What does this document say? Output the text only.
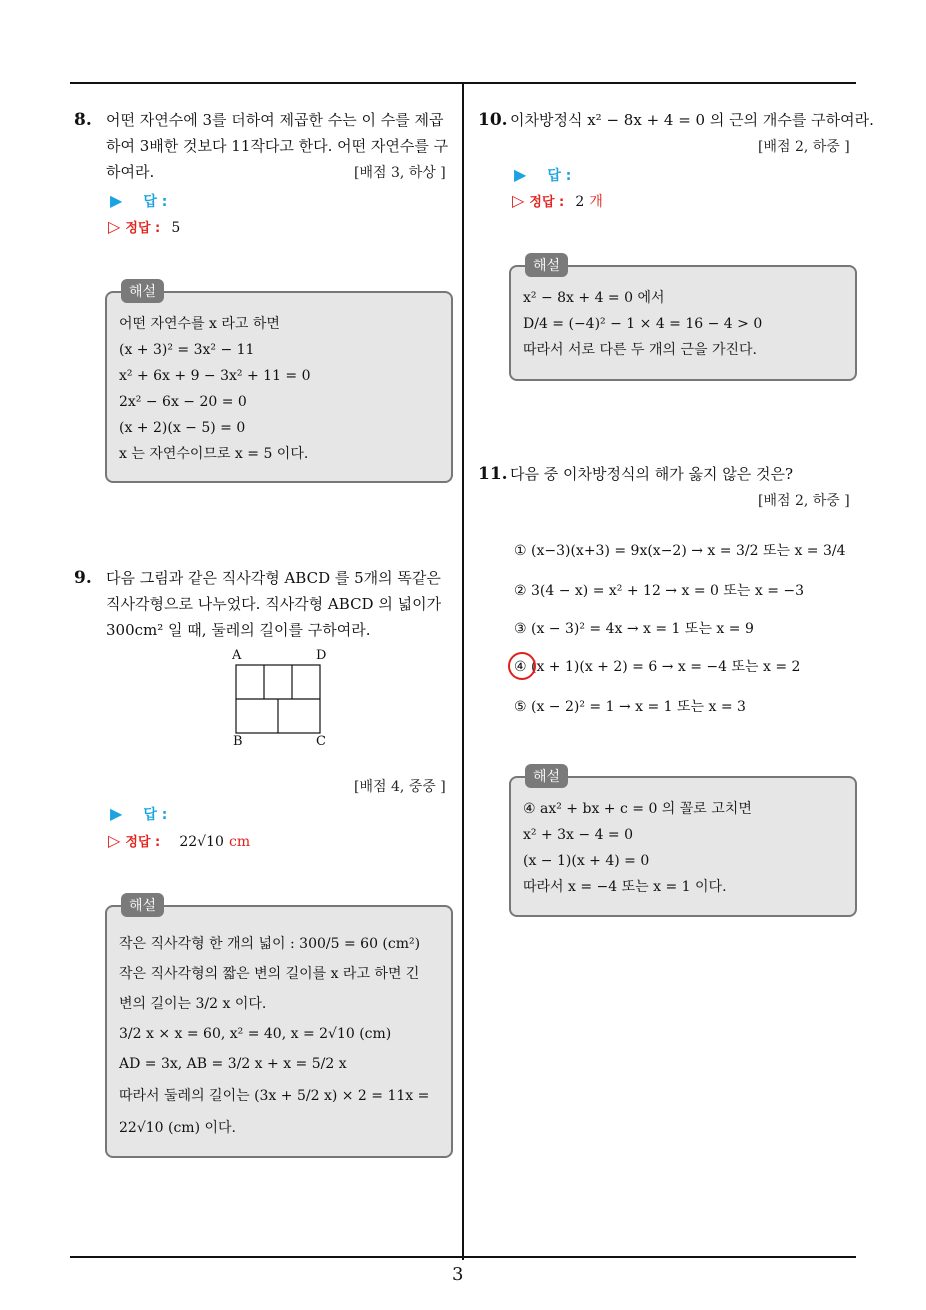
3
8. 어떤 자연수에 3를 더하여 제곱한 수는 이 수를 제곱
하여 3배한 것보다 11작다고 한다. 어떤 자연수를 구
하여라.	[배점 3, 하상 ]
▶ 답 :
▷ 정답 : 5
해설
어떤 자연수를 x 라고 하면
(x + 3)² = 3x² − 11
x² + 6x + 9 − 3x² + 11 = 0
2x² − 6x − 20 = 0
(x + 2)(x − 5) = 0
x 는 자연수이므로 x = 5 이다.
9. 다음 그림과 같은 직사각형 ABCD 를 5개의 똑같은
직사각형으로 나누었다. 직사각형 ABCD 의 넓이가
300cm² 일 때, 둘레의 길이를 구하여라.
A	D
B	C
[배점 4, 중중 ]
▶ 답 :
▷ 정답 : 22√10 cm
해설
작은 직사각형 한 개의 넓이 : 300/5 = 60 (cm²)
작은 직사각형의 짧은 변의 길이를 x 라고 하면 긴
변의 길이는 3/2 x 이다.
3/2 x × x = 60, x² = 40, x = 2√10 (cm)
AD = 3x, AB = 3/2 x + x = 5/2 x
따라서 둘레의 길이는 (3x + 5/2 x) × 2 = 11x =
22√10 (cm) 이다.
10. 이차방정식 x² − 8x + 4 = 0 의 근의 개수를 구하여라.
[배점 2, 하중 ]
▶ 답 :
▷ 정답 : 2 개
해설
x² − 8x + 4 = 0 에서
D/4 = (−4)² − 1 × 4 = 16 − 4 > 0
따라서 서로 다른 두 개의 근을 가진다.
11. 다음 중 이차방정식의 해가 옳지 않은 것은?
[배점 2, 하중 ]
① (x−3)(x+3) = 9x(x−2) → x = 3/2 또는 x = 3/4
② 3(4 − x) = x² + 12 → x = 0 또는 x = −3
③ (x − 3)² = 4x → x = 1 또는 x = 9
④ (x + 1)(x + 2) = 6 → x = −4 또는 x = 2
⑤ (x − 2)² = 1 → x = 1 또는 x = 3
해설
④ ax² + bx + c = 0 의 꼴로 고치면
x² + 3x − 4 = 0
(x − 1)(x + 4) = 0
따라서 x = −4 또는 x = 1 이다.
